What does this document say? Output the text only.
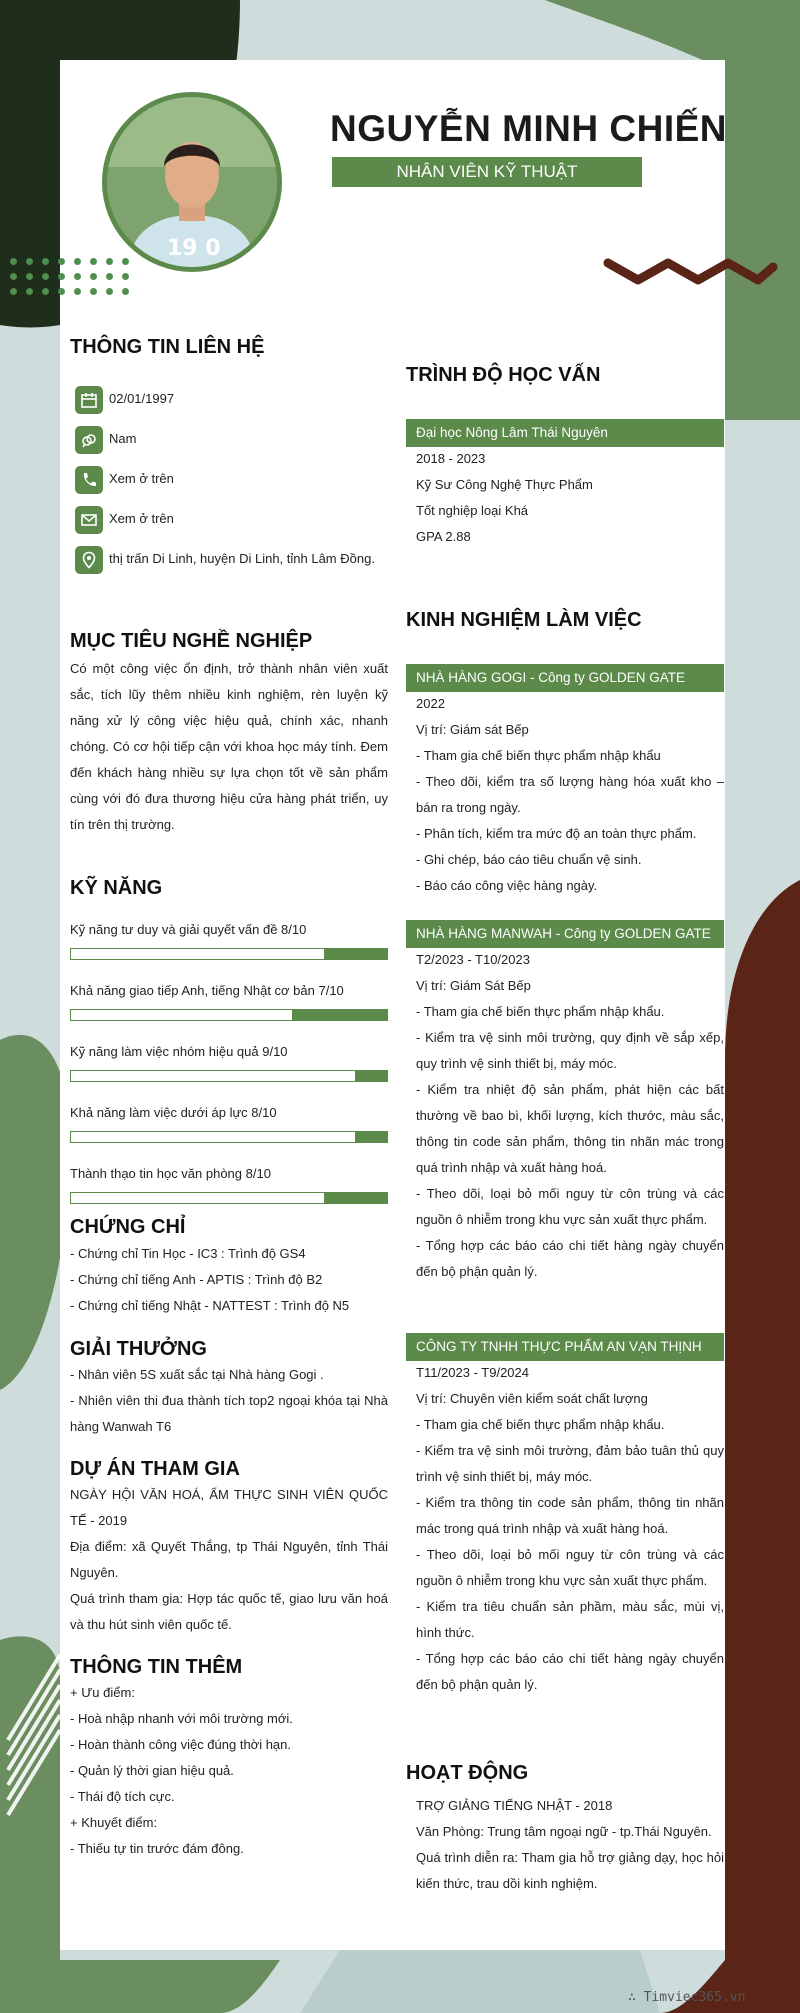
19 0
NGUYỄN MINH CHIẾN
NHÂN VIÊN KỸ THUẬT
THÔNG TIN LIÊN HỆ
02/01/1997
Nam
Xem ở trên
Xem ở trên
thị trấn Di Linh, huyện Di Linh, tỉnh Lâm Đồng.
MỤC TIÊU NGHỀ NGHIỆP
Có một công việc ổn định, trở thành nhân viên xuất sắc, tích lũy thêm nhiều kinh nghiệm, rèn luyện kỹ năng xử lý công việc hiệu quả, chính xác, nhanh chóng. Có cơ hội tiếp cận với khoa học máy tính. Đem đến khách hàng nhiều sự lựa chọn tốt về sản phẩm cùng với đó đưa thương hiệu cửa hàng phát triển, uy tín trên thị trường.
KỸ NĂNG
Kỹ năng tư duy và giải quyết vấn đề 8/10
Khả năng giao tiếp Anh, tiếng Nhật cơ bản 7/10
Kỹ năng làm việc nhóm hiệu quả 9/10
Khả năng làm việc dưới áp lực 8/10
Thành thạo tin học văn phòng 8/10
CHỨNG CHỈ
- Chứng chỉ Tin Học - IC3 : Trình độ GS4
- Chứng chỉ tiếng Anh - APTIS : Trình độ B2
- Chứng chỉ tiếng Nhật - NATTEST : Trình độ N5
GIẢI THƯỞNG
- Nhân viên 5S xuất sắc tại Nhà hàng Gogi .
- Nhiên viên thi đua thành tích top2 ngoại khóa tại Nhà hàng Wanwah T6
DỰ ÁN THAM GIA
NGÀY HỘI VĂN HOÁ, ẨM THỰC SINH VIÊN QUỐC TẾ - 2019
Địa điểm: xã Quyết Thắng, tp Thái Nguyên, tỉnh Thái Nguyên.
Quá trình tham gia: Hợp tác quốc tế, giao lưu văn hoá và thu hút sinh viên quốc tế.
THÔNG TIN THÊM
+ Ưu điểm:
- Hoà nhập nhanh với môi trường mới.
- Hoàn thành công việc đúng thời hạn.
- Quản lý thời gian hiệu quả.
- Thái độ tích cực.
+ Khuyết điểm:
- Thiếu tự tin trước đám đông.
TRÌNH ĐỘ HỌC VẤN
Đại học Nông Lâm Thái Nguyên
2018 - 2023
Kỹ Sư Công Nghệ Thực Phẩm
Tốt nghiệp loại Khá
GPA 2.88
KINH NGHIỆM LÀM VIỆC
NHÀ HÀNG GOGI - Công ty GOLDEN GATE
2022
Vị trí: Giám sát Bếp
- Tham gia chế biến thực phẩm nhập khẩu
- Theo dõi, kiểm tra số lượng hàng hóa xuất kho – bán ra trong ngày.
- Phân tích, kiểm tra mức độ an toàn thực phẩm.
- Ghi chép, báo cáo tiêu chuẩn vệ sinh.
- Báo cáo công việc hàng ngày.
NHÀ HÀNG MANWAH - Công ty GOLDEN GATE
T2/2023 - T10/2023
Vị trí: Giám Sát Bếp
- Tham gia chế biến thực phẩm nhập khẩu.
- Kiểm tra vệ sinh môi trường, quy định về sắp xếp, quy trình vệ sinh thiết bị, máy móc.
- Kiểm tra nhiệt độ sản phẩm, phát hiện các bất thường về bao bì, khối lượng, kích thước, màu sắc, thông tin code sản phẩm, thông tin nhãn mác trong quá trình nhập và xuất hàng hoá.
- Theo dõi, loại bỏ mối nguy từ côn trùng và các nguồn ô nhiễm trong khu vực sản xuất thực phẩm.
- Tổng hợp các báo cáo chi tiết hàng ngày chuyển đến bộ phận quản lý.
CÔNG TY TNHH THỰC PHẨM AN VẠN THỊNH
T11/2023 - T9/2024
Vị trí: Chuyên viên kiểm soát chất lượng
- Tham gia chế biến thực phẩm nhập khẩu.
- Kiểm tra vệ sinh môi trường, đảm bảo tuân thủ quy trình vệ sinh thiết bị, máy móc.
- Kiểm tra thông tin code sản phẩm, thông tin nhãn mác trong quá trình nhập và xuất hàng hoá.
- Theo dõi, loại bỏ mối nguy từ côn trùng và các nguồn ô nhiễm trong khu vực sản xuất thực phẩm.
- Kiểm tra tiêu chuẩn sản phầm, màu sắc, mùi vị, hình thức.
- Tổng hợp các báo cáo chi tiết hàng ngày chuyển đến bộ phận quản lý.
HOẠT ĐỘNG
TRỢ GIẢNG TIẾNG NHẬT - 2018
Văn Phòng: Trung tâm ngoại ngữ - tp.Thái Nguyên.
Quá trình diễn ra: Tham gia hỗ trợ giảng dạy, học hỏi kiến thức, trau dồi kinh nghiệm.
∴ Timviec365.vn
